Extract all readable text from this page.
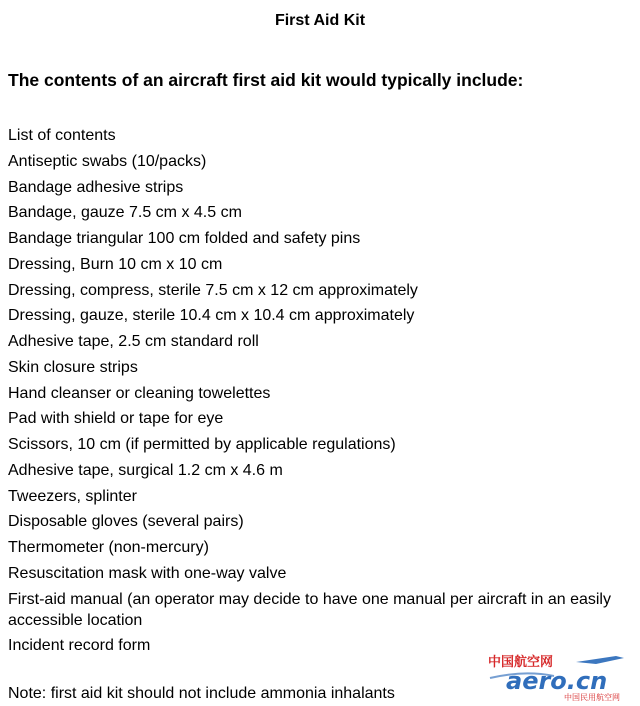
First Aid Kit
The contents of an aircraft first aid kit would typically include:
List of contents
Antiseptic swabs (10/packs)
Bandage adhesive strips
Bandage, gauze 7.5 cm x 4.5 cm
Bandage triangular 100 cm folded and safety pins
Dressing, Burn 10 cm x 10 cm
Dressing, compress, sterile 7.5 cm x 12 cm approximately
Dressing, gauze, sterile 10.4 cm x 10.4 cm approximately
Adhesive tape, 2.5 cm standard roll
Skin closure strips
Hand cleanser or cleaning towelettes
Pad with shield or tape for eye
Scissors, 10 cm (if permitted by applicable regulations)
Adhesive tape, surgical 1.2 cm x 4.6 m
Tweezers, splinter
Disposable gloves (several pairs)
Thermometer (non-mercury)
Resuscitation mask with one-way valve
First-aid manual (an operator may decide to have one manual per aircraft in an easily accessible location
Incident record form
Note: first aid kit should not include ammonia inhalants
中国航空网
aero.cn
中国民用航空网
